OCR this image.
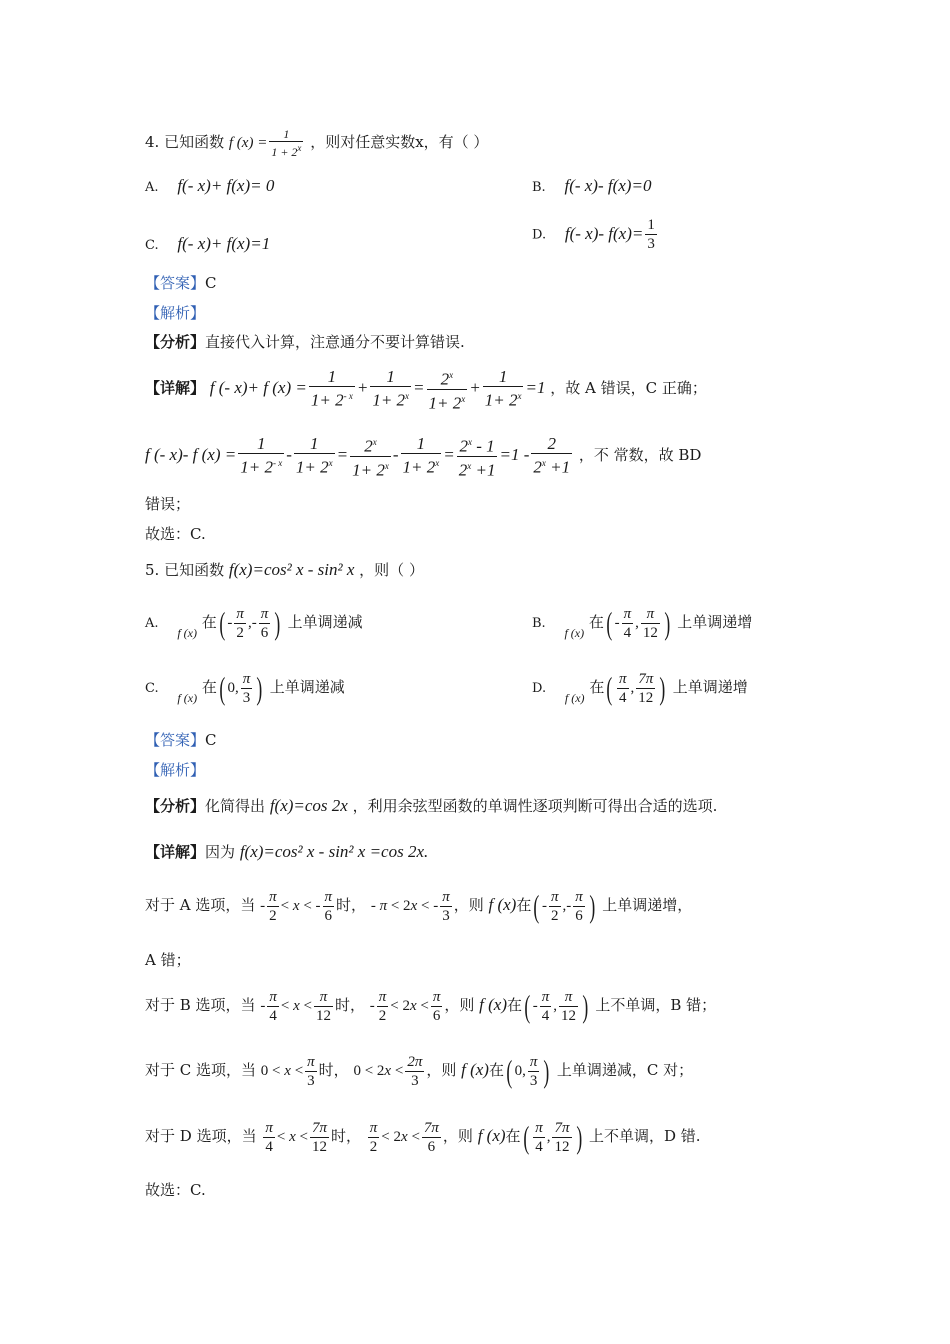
4. 已知函数 f $(x) = \frac{1}{1 + 2^x}$ ，则对任意实数x，有（ ）
A. f(- x)+ f(x)= 0	B. f(- x)- f(x)=0
C. f(- x)+ f(x)=1	D. f(- x)- $f(x)= \frac{1}{3}$
【答案】C
【解析】
【分析】直接代入计算，注意通分不要计算错误.
【详解】 f (- x)+ f $(x) = \frac{1}{1+ 2^{- x}} + \frac{1}{1+ 2^x} = \frac{2^x}{1+ 2^x} + \frac{1}{1+ 2^x} =1$ ，故 A 错误，C 正确；
f (- x)- f $(x) = \frac{1}{1+ 2^{- x}} - \frac{1}{1+ 2^x} = \frac{2^x}{1+ 2^x} - \frac{1}{1+ 2^x} = \frac{2^x - 1}{2^x +1} =1 - \frac{2}{2^x +1}$ ，不 常数，故 BD
错误；
故选：C.
5. 已知函数 f(x)=cos² x - sin² x ，则（ ）
A. $_{f (x)}$ 在( - $\frac{\pi}{2}$ ,- $\frac{\pi}{6}$ ) 上单调递减	B. $_{f (x)}$ 在( - $\frac{\pi}{4}$ , $\frac{\pi}{12}$ ) 上单调递增
C. $_{f (x)}$ 在( 0, $\frac{\pi}{3}$ ) 上单调递减	D. $_{f (x)}$ 在( $\frac{\pi}{4}$ , $\frac{7\pi}{12}$ ) 上单调递增
【答案】C
【解析】
【分析】化简得出 f(x)=cos 2x ，利用余弦型函数的单调性逐项判断可得出合适的选项.
【详解】因为 f(x)=cos² x - sin² x =cos 2x.
对于 A 选项，当 - $\frac{\pi}{2} < x$ < - $\frac{\pi}{6}$ 时， - π < 2x < - $\frac{\pi}{3}$ ，则 f (x)在( - $\frac{\pi}{2}$ ,- $\frac{\pi}{6}$ ) 上单调递增，
A 错；
对于 B 选项，当 - $\frac{\pi}{4} < x < \frac{\pi}{12}$ 时， - $\frac{\pi}{2} < 2x < \frac{\pi}{6}$ ，则 f (x)在( - $\frac{\pi}{4}$ , $\frac{\pi}{12}$ ) 上不单调，B 错；
对于 C 选项，当 $0 < x < \frac{\pi}{3}$ 时， $0 < 2x < \frac{2\pi}{3}$ ，则 f (x)在( 0, $\frac{\pi}{3}$ ) 上单调递减，C 对；
对于 D 选项，当 $\frac{\pi}{4} < x < \frac{7\pi}{12}$ 时， $\frac{\pi}{2} < 2x < \frac{7\pi}{6}$ ，则 f (x)在( $\frac{\pi}{4}$ , $\frac{7\pi}{12}$ ) 上不单调，D 错.
故选：C.
